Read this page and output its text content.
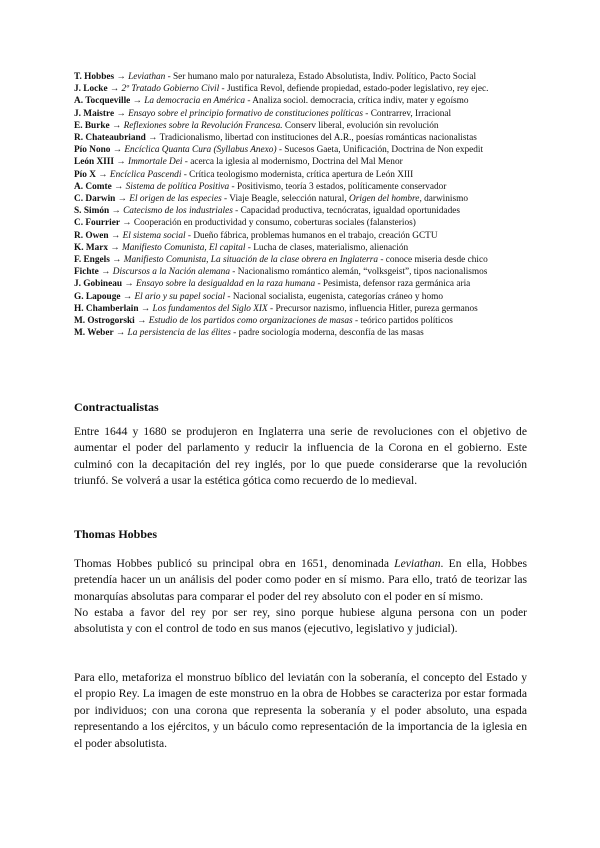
T. Hobbes → Leviathan - Ser humano malo por naturaleza, Estado Absolutista, Indiv. Político, Pacto Social
J. Locke → 2º Tratado Gobierno Civil - Justifica Revol, defiende propiedad, estado-poder legislativo, rey ejec.
A. Tocqueville → La democracia en América - Analiza sociol. democracia, crítica indiv, mater y egoísmo
J. Maistre → Ensayo sobre el principio formativo de constituciones políticas - Contrarrev, Irracional
E. Burke → Reflexiones sobre la Revolución Francesa. Conserv liberal, evolución sin revolución
R. Chateaubriand → Tradicionalismo, libertad con instituciones del A.R., poesías románticas nacionalistas
Pío Nono → Encíclica Quanta Cura (Syllabus Anexo) - Sucesos Gaeta, Unificación, Doctrina de Non expedit
León XIII → Immortale Dei - acerca la iglesia al modernismo, Doctrina del Mal Menor
Pío X → Encíclica Pascendi - Crítica teologismo modernista, crítica apertura de León XIII
A. Comte → Sistema de política Positiva - Positivismo, teoría 3 estados, políticamente conservador
C. Darwin → El origen de las especies - Viaje Beagle, selección natural, Origen del hombre, darwinismo
S. Simón → Catecismo de los industriales - Capacidad productiva, tecnócratas, igualdad oportunidades
C. Fourrier → Cooperación en productividad y consumo, coberturas sociales (falansterios)
R. Owen → El sistema social - Dueño fábrica, problemas humanos en el trabajo, creación GCTU
K. Marx → Manifiesto Comunista, El capital - Lucha de clases, materialismo, alienación
F. Engels → Manifiesto Comunista, La situación de la clase obrera en Inglaterra - conoce miseria desde chico
Fichte → Discursos a la Nación alemana - Nacionalismo romántico alemán, “volksgeist”, tipos nacionalismos
J. Gobineau → Ensayo sobre la desigualdad en la raza humana - Pesimista, defensor raza germánica aria
G. Lapouge → El ario y su papel social - Nacional socialista, eugenista, categorías cráneo y homo
H. Chamberlain → Los fundamentos del Siglo XIX - Precursor nazismo, influencia Hitler, pureza germanos
M. Ostrogorski → Estudio de los partidos como organizaciones de masas - teórico partidos políticos
M. Weber → La persistencia de las élites - padre sociología moderna, desconfía de las masas
Contractualistas

Entre 1644 y 1680 se produjeron en Inglaterra una serie de revoluciones con el objetivo de aumentar el poder del parlamento y reducir la influencia de la Corona en el gobierno. Este culminó con la decapitación del rey inglés, por lo que puede considerarse que la revolución triunfó. Se volverá a usar la estética gótica como recuerdo de lo medieval.

Thomas Hobbes

Thomas Hobbes publicó su principal obra en 1651, denominada Leviathan. En ella, Hobbes pretendía hacer un un análisis del poder como poder en sí mismo. Para ello, trató de teorizar las monarquías absolutas para comparar el poder del rey absoluto con el poder en sí mismo.

No estaba a favor del rey por ser rey, sino porque hubiese alguna persona con un poder absolutista y con el control de todo en sus manos (ejecutivo, legislativo y judicial).

Para ello, metaforiza el monstruo bíblico del leviatán con la soberanía, el concepto del Estado y el propio Rey. La imagen de este monstruo en la obra de Hobbes se caracteriza por estar formada por individuos; con una corona que representa la soberanía y el poder absoluto, una espada representando a los ejércitos, y un báculo como representación de la importancia de la iglesia en el poder absolutista.
